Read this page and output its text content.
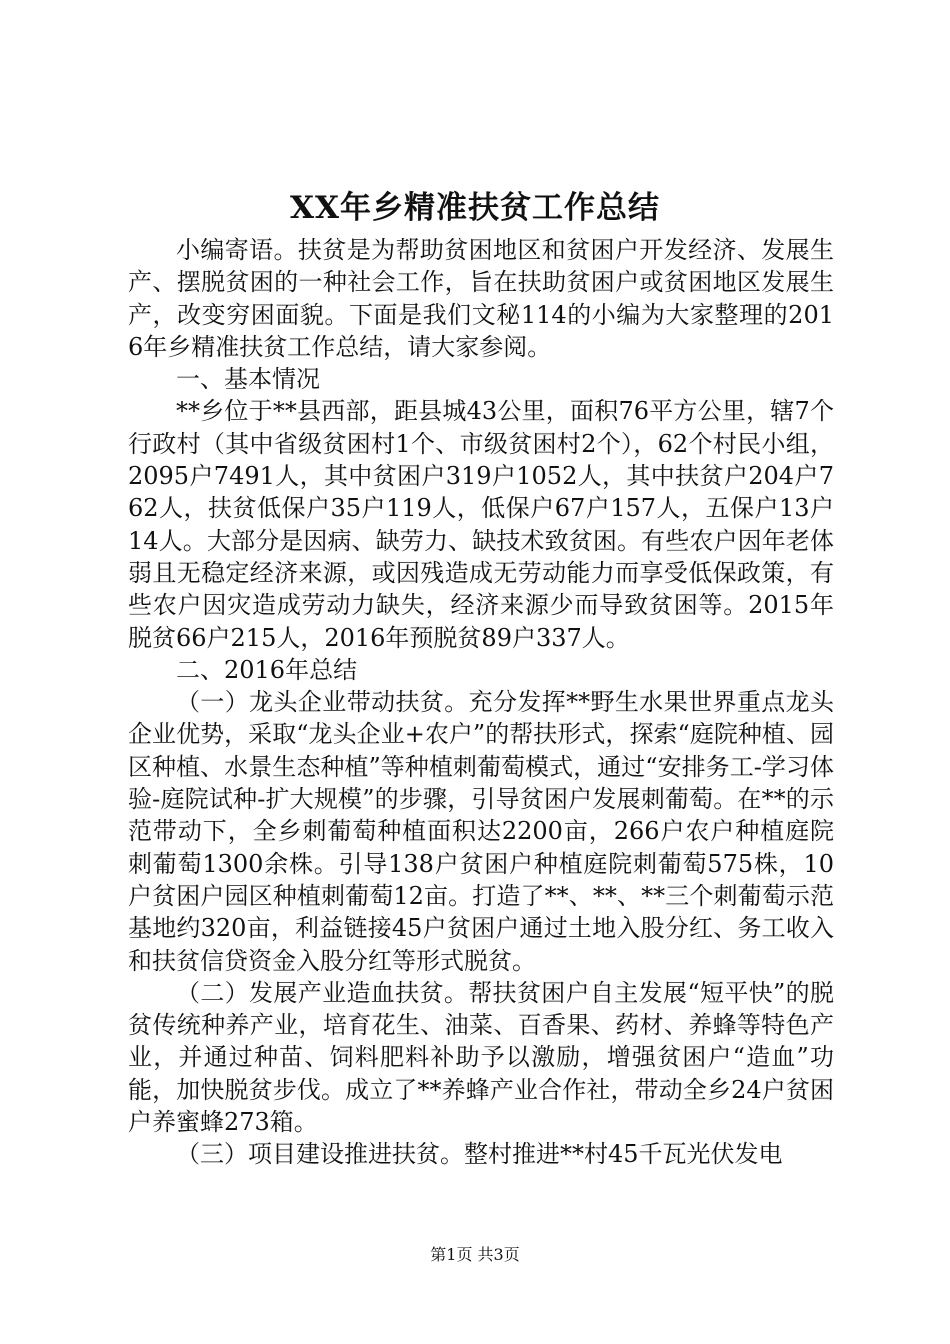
XX年乡精准扶贫工作总结

小编寄语。扶贫是为帮助贫困地区和贫困户开发经济、发展生产、摆脱贫困的一种社会工作，旨在扶助贫困户或贫困地区发展生产，改变穷困面貌。下面是我们文秘114的小编为大家整理的2016年乡精准扶贫工作总结，请大家参阅。

一、基本情况

**乡位于**县西部，距县城43公里，面积76平方公里，辖7个行政村（其中省级贫困村1个、市级贫困村2个），62个村民小组，2095户7491人，其中贫困户319户1052人，其中扶贫户204户762人，扶贫低保户35户119人，低保户67户157人，五保户13户14人。大部分是因病、缺劳力、缺技术致贫困。有些农户因年老体弱且无稳定经济来源，或因残造成无劳动能力而享受低保政策，有些农户因灾造成劳动力缺失，经济来源少而导致贫困等。2015年脱贫66户215人，2016年预脱贫89户337人。

二、2016年总结

（一）龙头企业带动扶贫。充分发挥**野生水果世界重点龙头企业优势，采取“龙头企业+农户”的帮扶形式，探索“庭院种植、园区种植、水景生态种植”等种植刺葡萄模式，通过“安排务工-学习体验-庭院试种-扩大规模”的步骤，引导贫困户发展刺葡萄。在**的示范带动下，全乡刺葡萄种植面积达2200亩，266户农户种植庭院刺葡萄1300余株。引导138户贫困户种植庭院刺葡萄575株，10户贫困户园区种植刺葡萄12亩。打造了**、**、**三个刺葡萄示范基地约320亩，利益链接45户贫困户通过土地入股分红、务工收入和扶贫信贷资金入股分红等形式脱贫。

（二）发展产业造血扶贫。帮扶贫困户自主发展“短平快”的脱贫传统种养产业，培育花生、油菜、百香果、药材、养蜂等特色产业，并通过种苗、饲料肥料补助予以激励，增强贫困户“造血”功能，加快脱贫步伐。成立了**养蜂产业合作社，带动全乡24户贫困户养蜜蜂273箱。

（三）项目建设推进扶贫。整村推进**村45千瓦光伏发电

第1页 共3页
